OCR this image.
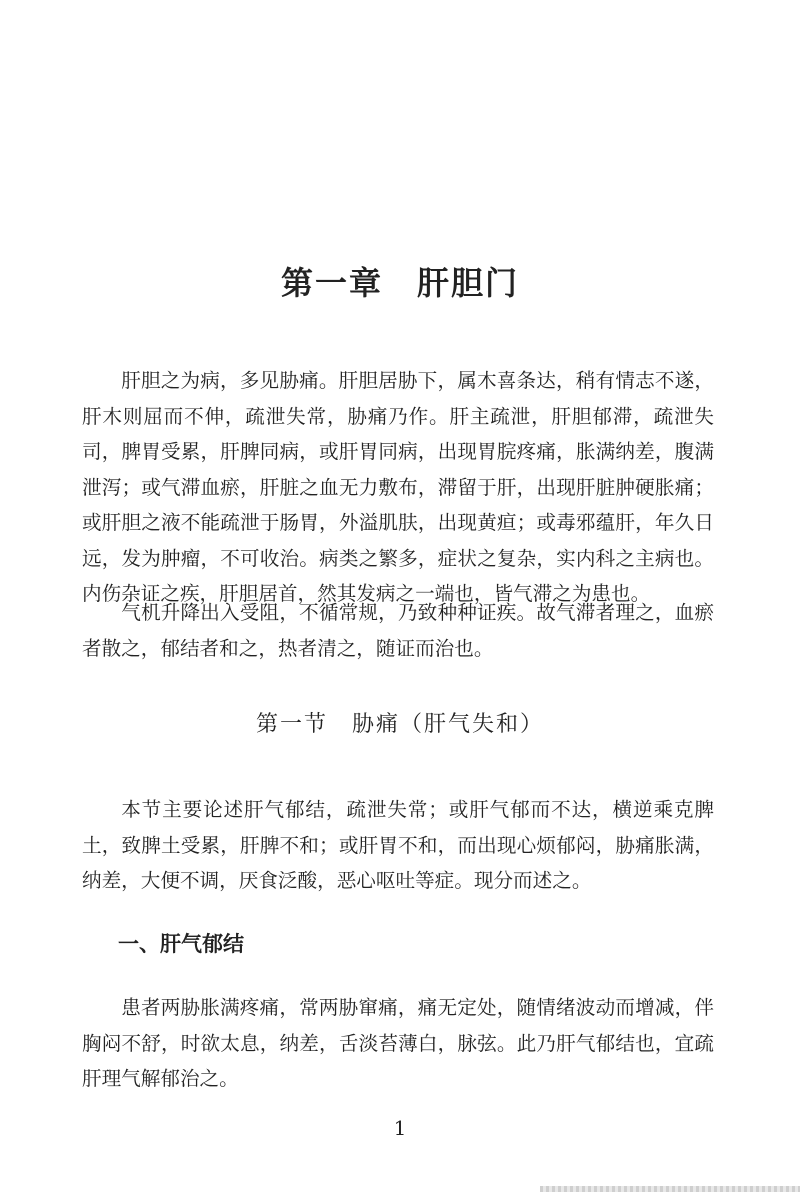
第一章 肝胆门

肝胆之为病，多见胁痛。肝胆居胁下，属木喜条达，稍有情志不遂，肝木则屈而不伸，疏泄失常，胁痛乃作。肝主疏泄，肝胆郁滞，疏泄失司，脾胃受累，肝脾同病，或肝胃同病，出现胃脘疼痛，胀满纳差，腹满泄泻；或气滞血瘀，肝脏之血无力敷布，滞留于肝，出现肝脏肿硬胀痛；或肝胆之液不能疏泄于肠胃，外溢肌肤，出现黄疸；或毒邪蕴肝，年久日远，发为肿瘤，不可收治。病类之繁多，症状之复杂，实内科之主病也。内伤杂证之疾，肝胆居首，然其发病之一端也，皆气滞之为患也。

气机升降出入受阻，不循常规，乃致种种证疾。故气滞者理之，血瘀者散之，郁结者和之，热者清之，随证而治也。

第一节 胁痛（肝气失和）

本节主要论述肝气郁结，疏泄失常；或肝气郁而不达，横逆乘克脾土，致脾土受累，肝脾不和；或肝胃不和，而出现心烦郁闷，胁痛胀满，纳差，大便不调，厌食泛酸，恶心呕吐等症。现分而述之。

一、肝气郁结

患者两胁胀满疼痛，常两胁窜痛，痛无定处，随情绪波动而增减，伴胸闷不舒，时欲太息，纳差，舌淡苔薄白，脉弦。此乃肝气郁结也，宜疏肝理气解郁治之。

1
